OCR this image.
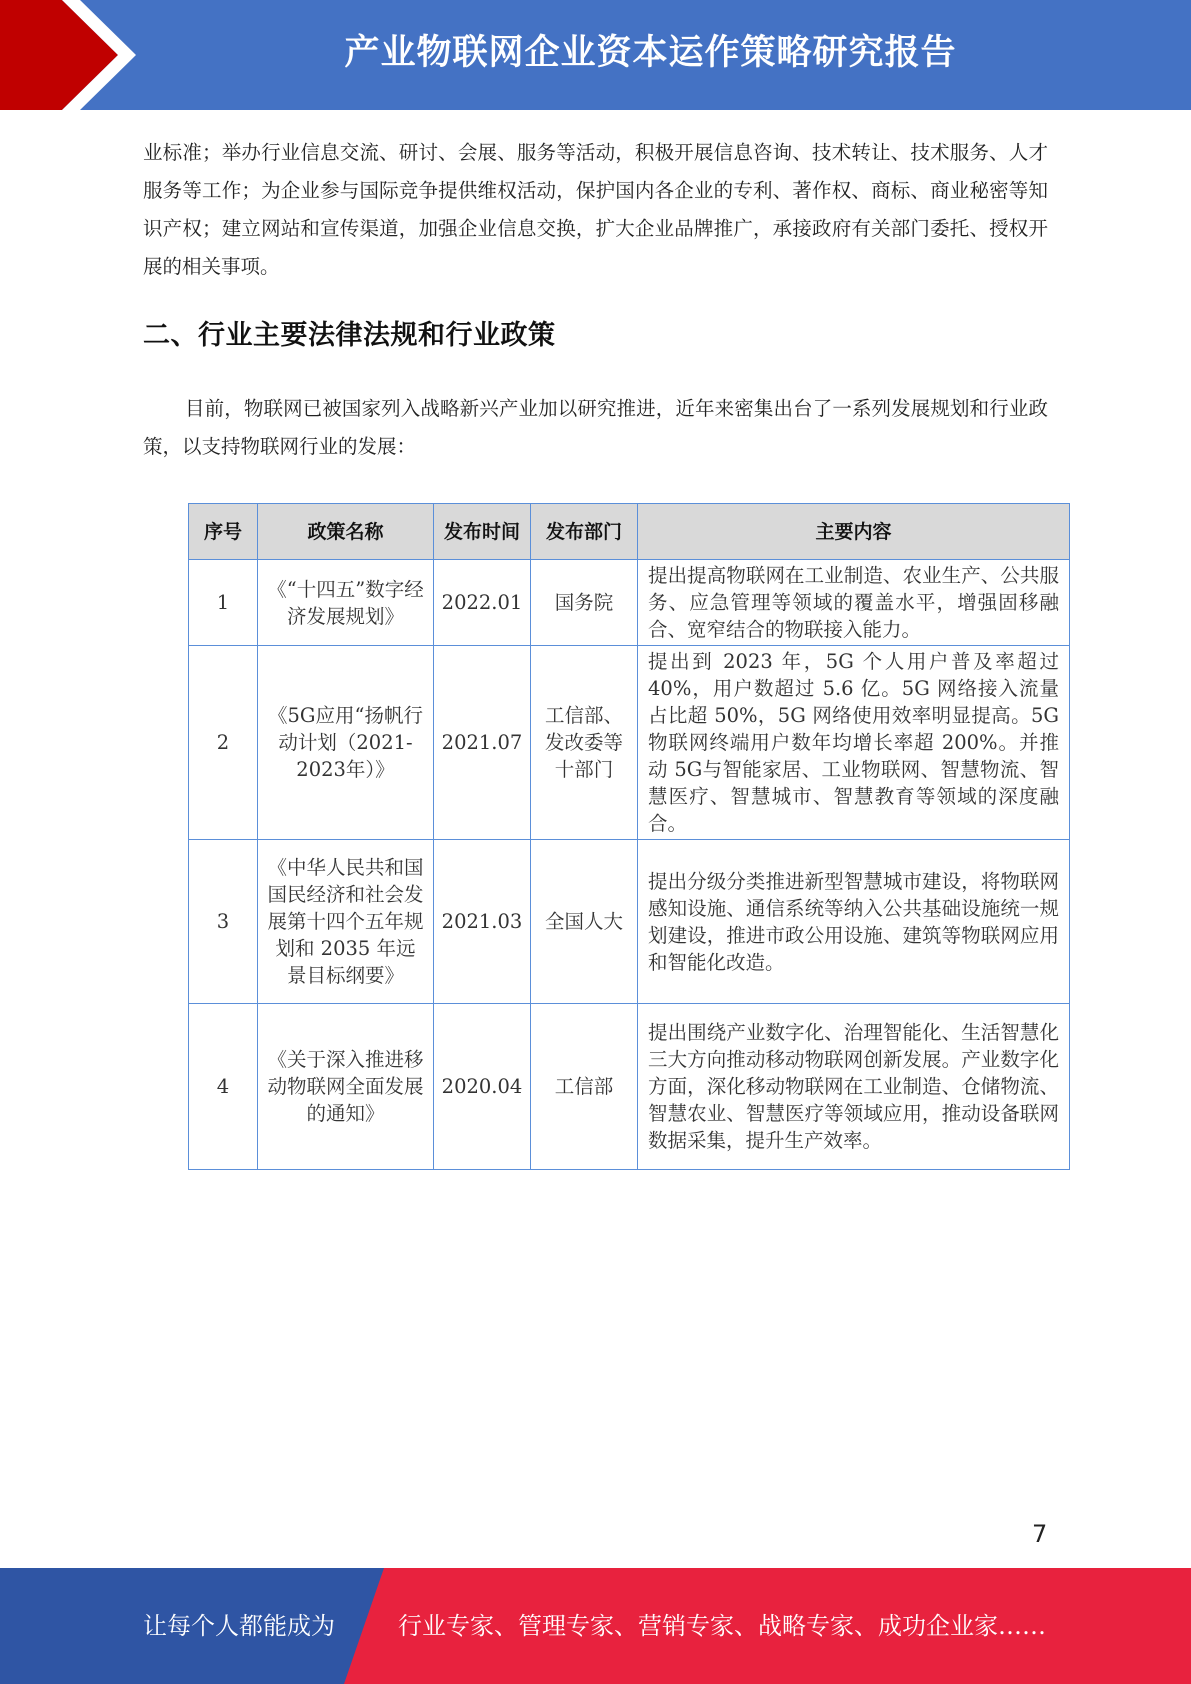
产业物联网企业资本运作策略研究报告

业标准；举办行业信息交流、研讨、会展、服务等活动，积极开展信息咨询、技术转让、技术服务、人才服务等工作；为企业参与国际竞争提供维权活动，保护国内各企业的专利、著作权、商标、商业秘密等知识产权；建立网站和宣传渠道，加强企业信息交换，扩大企业品牌推广，承接政府有关部门委托、授权开展的相关事项。

二、行业主要法律法规和行业政策

目前，物联网已被国家列入战略新兴产业加以研究推进，近年来密集出台了一系列发展规划和行业政策，以支持物联网行业的发展：

序号	政策名称	发布时间	发布部门	主要内容
1	《“十四五”数字经济发展规划》	2022.01	国务院	提出提高物联网在工业制造、农业生产、公共服务、应急管理等领域的覆盖水平，增强固移融合、宽窄结合的物联接入能力。
2	《5G应用“扬帆行动计划（2021-2023年）》	2021.07	工信部、发改委等十部门	提出到 2023 年，5G 个人用户普及率超过 40%，用户数超过 5.6 亿。5G 网络接入流量占比超 50%，5G 网络使用效率明显提高。5G 物联网终端用户数年均增长率超 200%。并推动 5G与智能家居、工业物联网、智慧物流、智慧医疗、智慧城市、智慧教育等领域的深度融合。
3	《中华人民共和国国民经济和社会发展第十四个五年规划和 2035 年远景目标纲要》	2021.03	全国人大	提出分级分类推进新型智慧城市建设，将物联网感知设施、通信系统等纳入公共基础设施统一规划建设，推进市政公用设施、建筑等物联网应用和智能化改造。
4	《关于深入推进移动物联网全面发展的通知》	2020.04	工信部	提出围绕产业数字化、治理智能化、生活智慧化三大方向推动移动物联网创新发展。产业数字化方面，深化移动物联网在工业制造、仓储物流、智慧农业、智慧医疗等领域应用，推动设备联网数据采集，提升生产效率。
7
让每个人都能成为	行业专家、管理专家、营销专家、战略专家、成功企业家……
